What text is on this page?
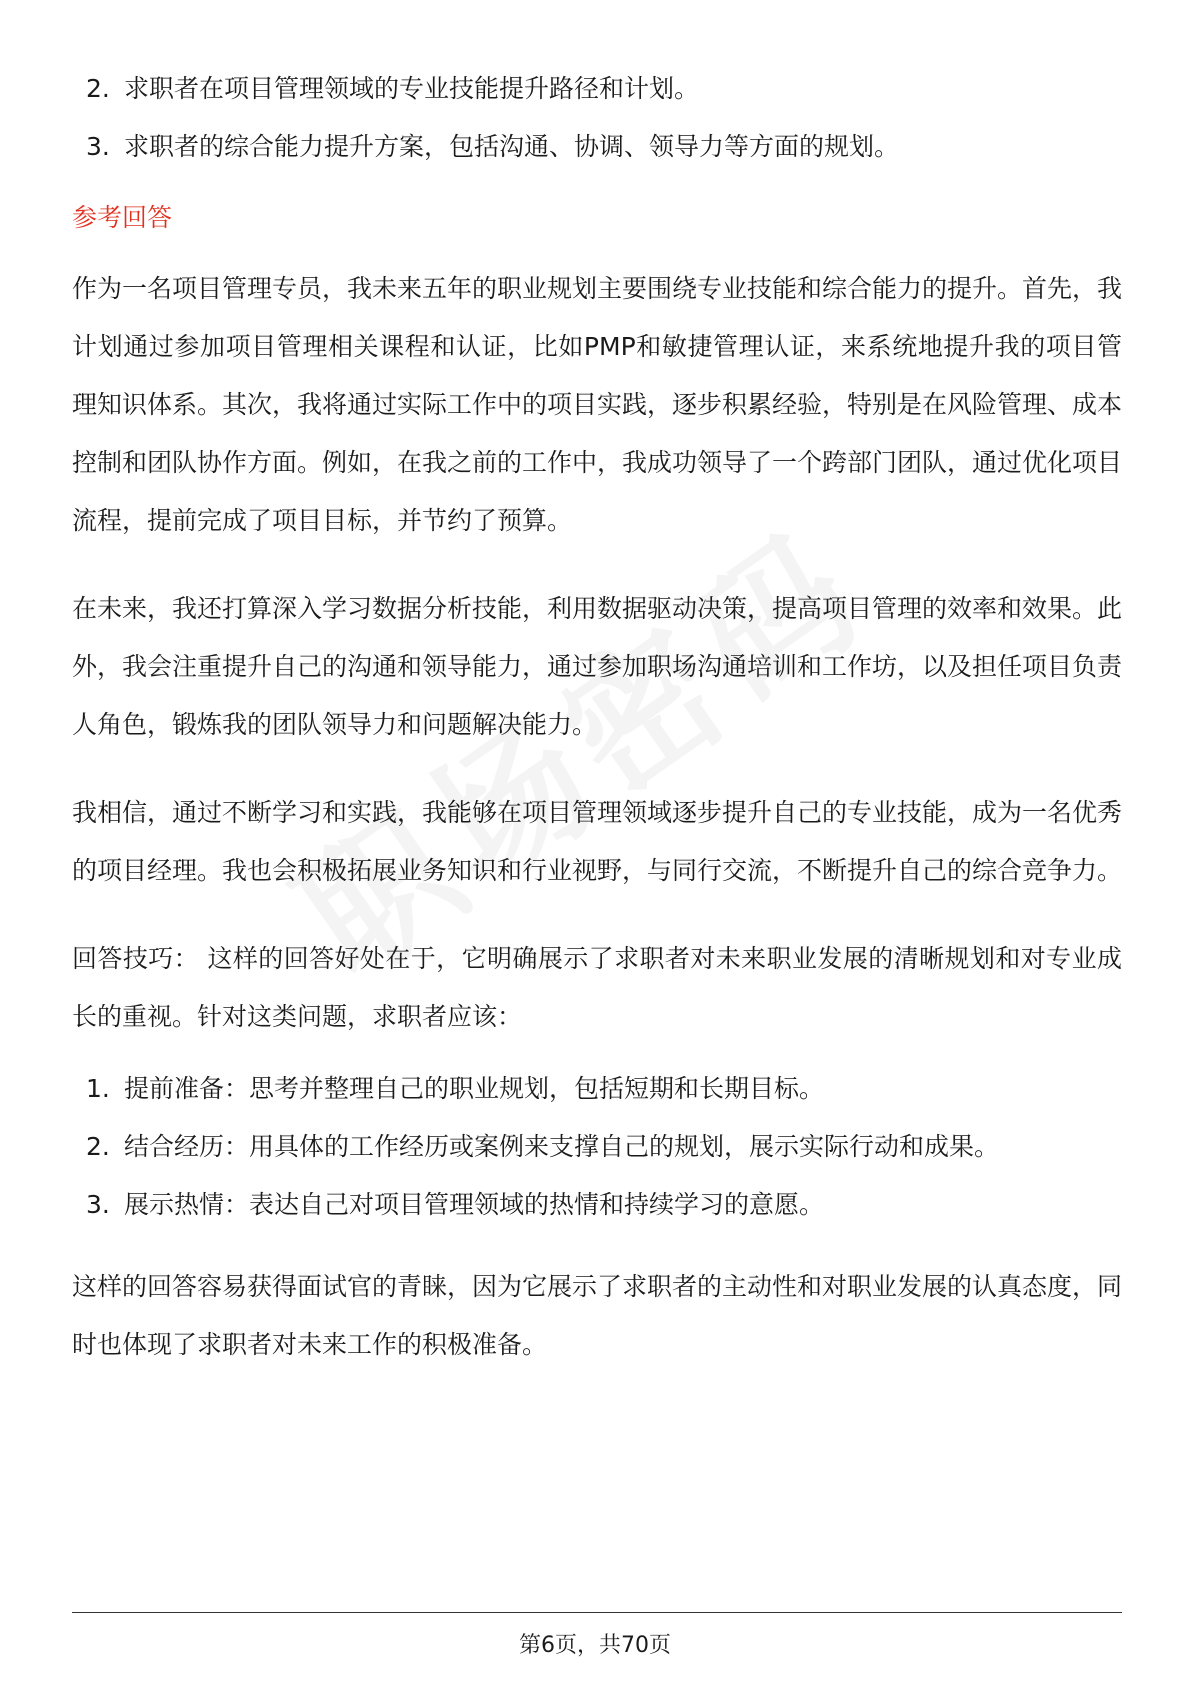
2. 求职者在项目管理领域的专业技能提升路径和计划。
3. 求职者的综合能力提升方案，包括沟通、协调、领导力等方面的规划。
参考回答

作为一名项目管理专员，我未来五年的职业规划主要围绕专业技能和综合能力的提升。首先，我计划通过参加项目管理相关课程和认证，比如PMP和敏捷管理认证，来系统地提升我的项目管理知识体系。其次，我将通过实际工作中的项目实践，逐步积累经验，特别是在风险管理、成本控制和团队协作方面。例如，在我之前的工作中，我成功领导了一个跨部门团队，通过优化项目流程，提前完成了项目目标，并节约了预算。

在未来，我还打算深入学习数据分析技能，利用数据驱动决策，提高项目管理的效率和效果。此外，我会注重提升自己的沟通和领导能力，通过参加职场沟通培训和工作坊，以及担任项目负责人角色，锻炼我的团队领导力和问题解决能力。

我相信，通过不断学习和实践，我能够在项目管理领域逐步提升自己的专业技能，成为一名优秀的项目经理。我也会积极拓展业务知识和行业视野，与同行交流，不断提升自己的综合竞争力。

回答技巧： 这样的回答好处在于，它明确展示了求职者对未来职业发展的清晰规划和对专业成长的重视。针对这类问题，求职者应该：

1. 提前准备：思考并整理自己的职业规划，包括短期和长期目标。
2. 结合经历：用具体的工作经历或案例来支撑自己的规划，展示实际行动和成果。
3. 展示热情：表达自己对项目管理领域的热情和持续学习的意愿。

这样的回答容易获得面试官的青睐，因为它展示了求职者的主动性和对职业发展的认真态度，同时也体现了求职者对未来工作的积极准备。

第6页，共70页
